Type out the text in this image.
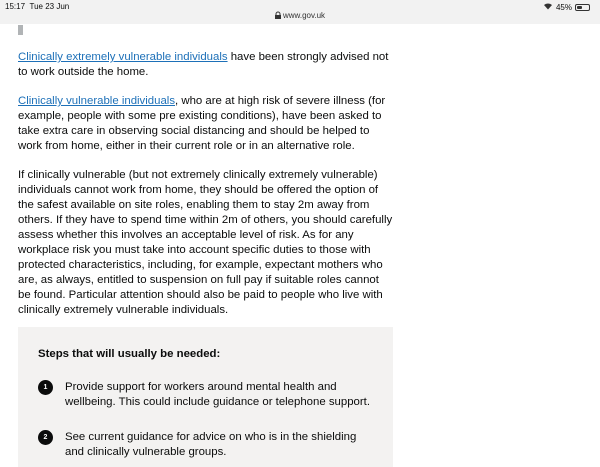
15:17 Tue 23 Jun	45%
www.gov.uk

Clinically extremely vulnerable individuals have been strongly advised not to work outside the home.

Clinically vulnerable individuals, who are at high risk of severe illness (for example, people with some pre existing conditions), have been asked to take extra care in observing social distancing and should be helped to work from home, either in their current role or in an alternative role.

If clinically vulnerable (but not extremely clinically extremely vulnerable) individuals cannot work from home, they should be offered the option of the safest available on site roles, enabling them to stay 2m away from others. If they have to spend time within 2m of others, you should carefully assess whether this involves an acceptable level of risk. As for any workplace risk you must take into account specific duties to those with protected characteristics, including, for example, expectant mothers who are, as always, entitled to suspension on full pay if suitable roles cannot be found. Particular attention should also be paid to people who live with clinically extremely vulnerable individuals.

Steps that will usually be needed:
1	Provide support for workers around mental health and wellbeing. This could include guidance or telephone support.
2	See current guidance for advice on who is in the shielding and clinically vulnerable groups.
